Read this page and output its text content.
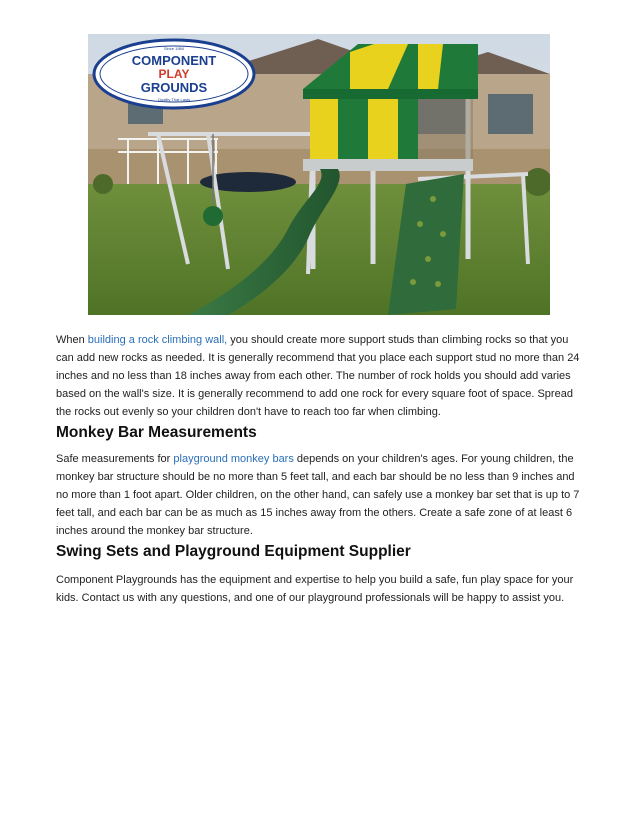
Since 1984
COMPONENT
PLAY
GROUNDS
Quality That Lasts

When building a rock climbing wall, you should create more support studs than climbing rocks so that you can add new rocks as needed. It is generally recommend that you place each support stud no more than 24 inches and no less than 18 inches away from each other. The number of rock holds you should add varies based on the wall's size. It is generally recommend to add one rock for every square foot of space. Spread the rocks out evenly so your children don't have to reach too far when climbing.

Monkey Bar Measurements

Safe measurements for playground monkey bars depends on your children's ages. For young children, the monkey bar structure should be no more than 5 feet tall, and each bar should be no less than 9 inches and no more than 1 foot apart. Older children, on the other hand, can safely use a monkey bar set that is up to 7 feet tall, and each bar can be as much as 15 inches away from the others. Create a safe zone of at least 6 inches around the monkey bar structure.

Swing Sets and Playground Equipment Supplier

Component Playgrounds has the equipment and expertise to help you build a safe, fun play space for your kids. Contact us with any questions, and one of our playground professionals will be happy to assist you.
